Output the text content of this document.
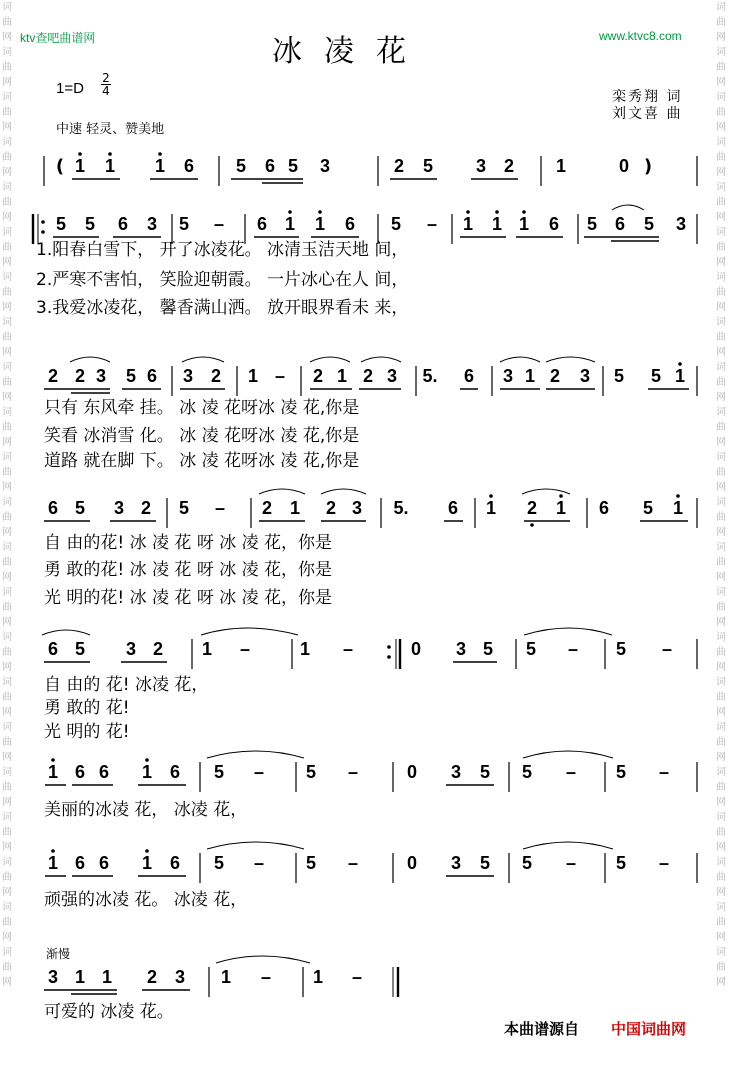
词曲网词曲网词曲网词曲网词曲网词曲网词曲网词曲网词曲网词曲网词曲网词曲网词曲网词曲网词曲网词曲网词曲网词曲网词曲网词曲网词曲网词曲网
词曲网词曲网词曲网词曲网词曲网词曲网词曲网词曲网词曲网词曲网词曲网词曲网词曲网词曲网词曲网词曲网词曲网词曲网词曲网词曲网词曲网词曲网
ktv查吧曲谱网	冰凌花	www.ktvc8.com
1=D
2
4	栾秀翔 词
刘文喜 曲
中速 轻灵、赞美地
( 1 1 1 6 5 6 5 3	2 5 3 2 1	0 )
5 5 6 3 5 – 6 1 1 6 5 – 1 1 1 6 5 6 5 3
1.阳春白雪下， 开了冰凌花。 冰清玉洁天地 间，
2.严寒不害怕， 笑脸迎朝霞。 一片冰心在人 间，
3.我爱冰凌花， 馨香满山洒。 放开眼界看未 来，
2 2 3 5 6 3 2 1 – 2 1 2 3 5. 6 3 1 2 3 5 5 1
只有 东风牵 挂。 冰 凌 花呀冰 凌 花,你是
笑看 冰消雪 化。 冰 凌 花呀冰 凌 花,你是
道路 就在脚 下。 冰 凌 花呀冰 凌 花,你是
6 5 3 2 5 – 2 1 2 3 5. 6 1 2 1 6 5 1
自 由的花! 冰 凌 花 呀 冰 凌 花，你是
勇 敢的花! 冰 凌 花 呀 冰 凌 花，你是
光 明的花! 冰 凌 花 呀 冰 凌 花，你是
6 5 3 2 1 –	1 –	0 3 5 5 – 5 –
自 由的 花! 冰凌 花，
勇 敢的 花!
光 明的 花!
1 6 6 1 6 5 – 5 –	0 3 5 5 – 5 –
美丽的冰凌 花， 冰凌 花，
1 6 6 1 6 5 – 5 –	0 3 5 5 – 5 –
顽强的冰凌 花。 冰凌 花，
3 1 1 2 3 1 – 1 –
可爱的 冰凌 花。
渐慢
本曲谱源自 中国词曲网
